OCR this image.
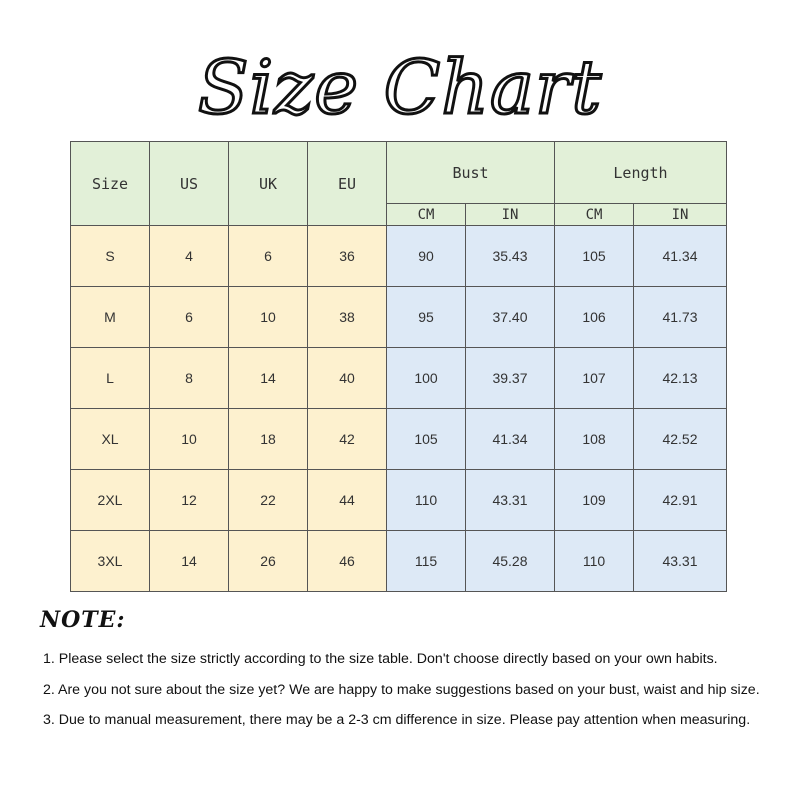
Size Chart
Size	US	UK	EU	Bust		Length	
				CM	IN	CM	IN
S	4	6	36	90	35.43	105	41.34
M	6	10	38	95	37.40	106	41.73
L	8	14	40	100	39.37	107	42.13
XL	10	18	42	105	41.34	108	42.52
2XL	12	22	44	110	43.31	109	42.91
3XL	14	26	46	115	45.28	110	43.31
NOTE:
1. Please select the size strictly according to the size table. Don't choose directly based on your own habits.
2. Are you not sure about the size yet? We are happy to make suggestions based on your bust, waist and hip size.
3. Due to manual measurement, there may be a 2-3 cm difference in size. Please pay attention when measuring.
